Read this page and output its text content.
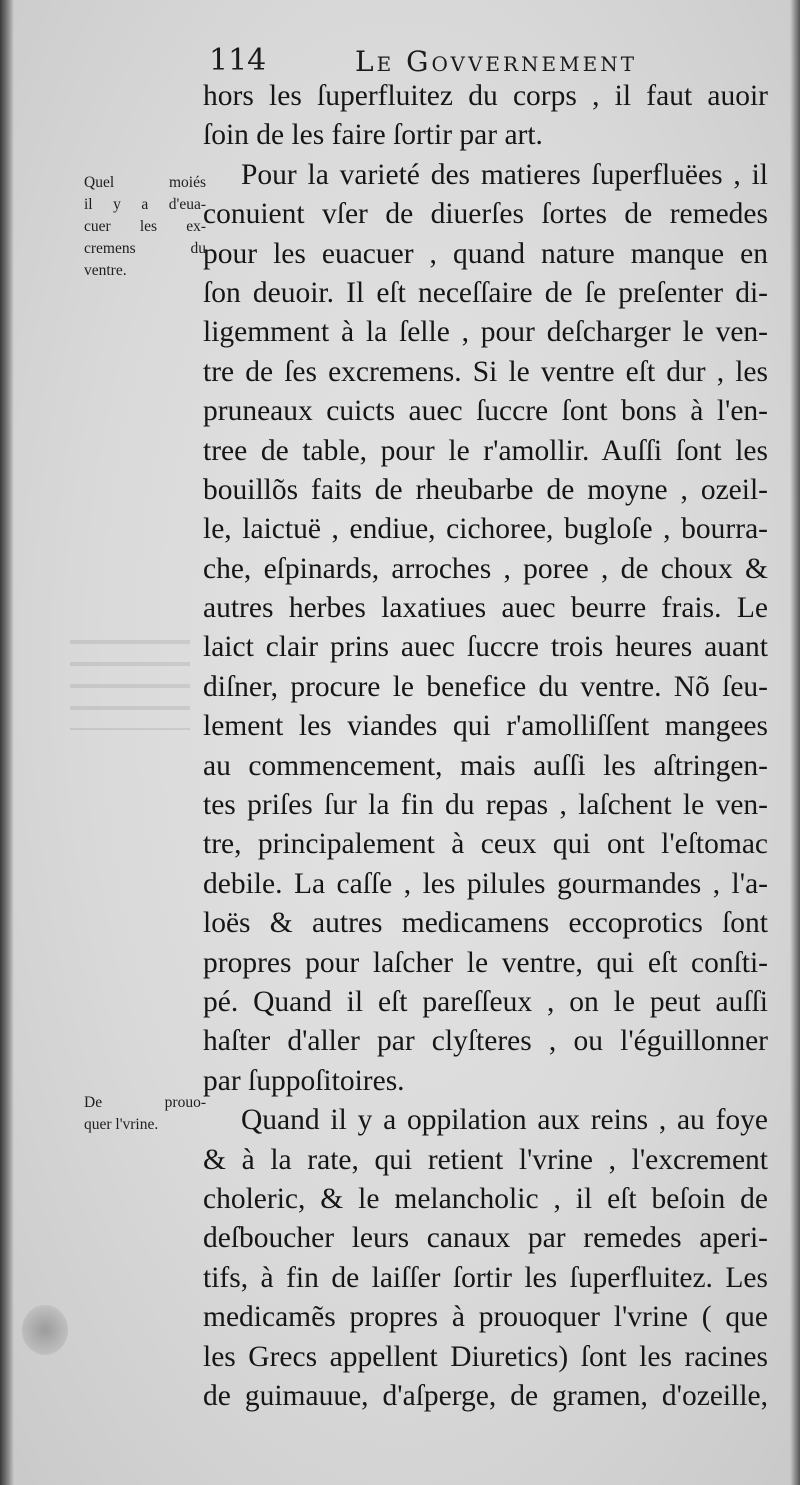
114	Le Govvernement
Quel moiés
il y a d'eua-
cuer les ex-
cremens du
ventre.
De prouo-
quer l'vrine.
hors les ſuperfluitez du corps , il faut auoir
ſoin de les faire ſortir par art.
Pour la varieté des matieres ſuperfluëes , il
conuient vſer de diuerſes ſortes de remedes
pour les euacuer , quand nature manque en
ſon deuoir. Il eſt neceſſaire de ſe preſenter di-
ligemment à la ſelle , pour deſcharger le ven-
tre de ſes excremens. Si le ventre eſt dur , les
pruneaux cuicts auec ſuccre ſont bons à l'en-
tree de table, pour le r'amollir. Auſſi ſont les
bouillõs faits de rheubarbe de moyne , ozeil-
le, laictuë , endiue, cichoree, bugloſe , bourra-
che, eſpinards, arroches , poree , de choux &
autres herbes laxatiues auec beurre frais. Le
laict clair prins auec ſuccre trois heures auant
diſner, procure le benefice du ventre. Nõ ſeu-
lement les viandes qui r'amolliſſent mangees
au commencement, mais auſſi les aſtringen-
tes priſes ſur la fin du repas , laſchent le ven-
tre, principalement à ceux qui ont l'eſtomac
debile. La caſſe , les pilules gourmandes , l'a-
loës & autres medicamens eccoprotics ſont
propres pour laſcher le ventre, qui eſt conſti-
pé. Quand il eſt pareſſeux , on le peut auſſi
haſter d'aller par clyſteres , ou l'éguillonner
par ſuppoſitoires.
Quand il y a oppilation aux reins , au foye
& à la rate, qui retient l'vrine , l'excrement
choleric, & le melancholic , il eſt beſoin de
deſboucher leurs canaux par remedes aperi-
tifs, à fin de laiſſer ſortir les ſuperfluitez. Les
medicamẽs propres à prouoquer l'vrine ( que
les Grecs appellent Diuretics) ſont les racines
de guimauue, d'aſperge, de gramen, d'ozeille,
